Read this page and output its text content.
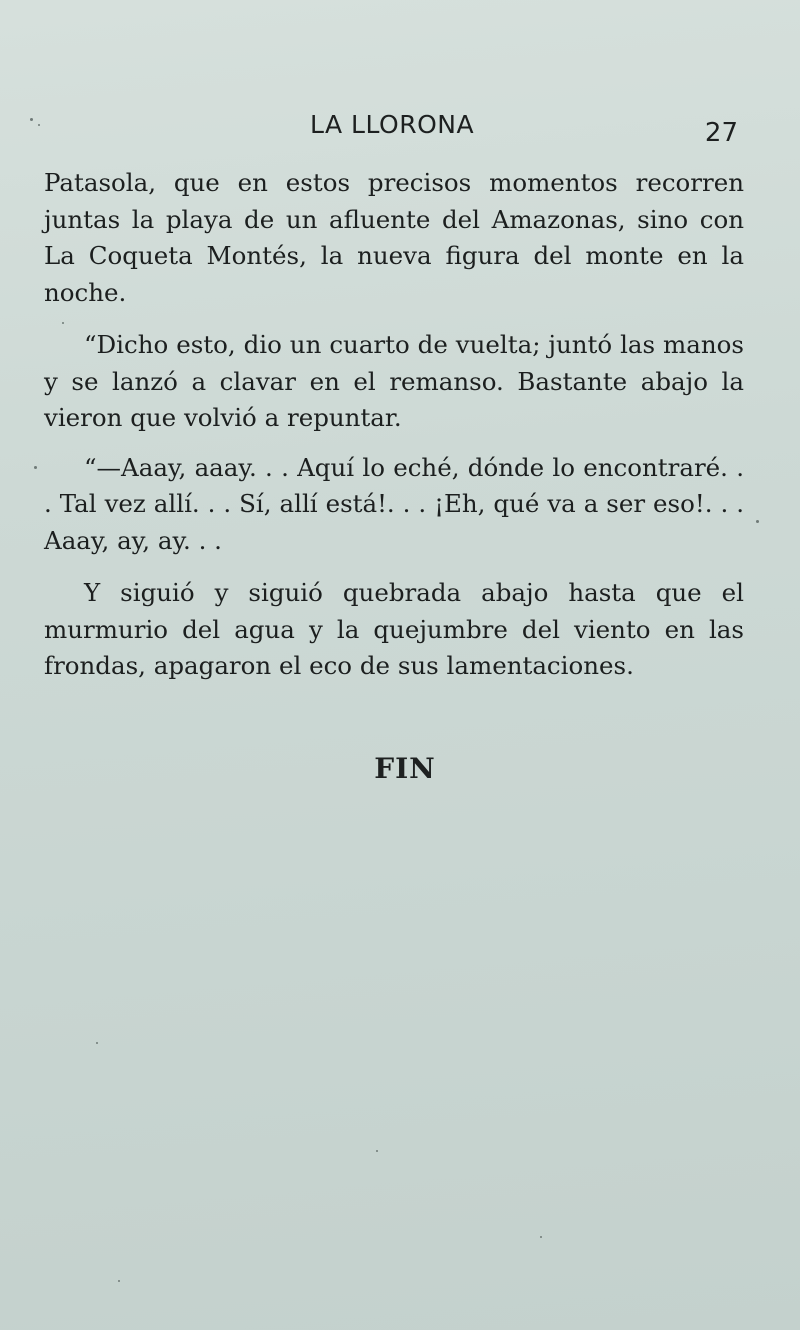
LA LLORONA	27

Patasola, que en estos precisos momentos recorren juntas la playa de un afluente del Amazonas, sino con La Coqueta Montés, la nueva figura del monte en la noche.

“Dicho esto, dio un cuarto de vuelta; juntó las manos y se lanzó a clavar en el remanso. Bastante abajo la vieron que volvió a repuntar.

“—Aaay, aaay. . . Aquí lo eché, dónde lo encontraré. . . Tal vez allí. . . Sí, allí está!. . . ¡Eh, qué va a ser eso!. . . Aaay, ay, ay. . .

Y siguió y siguió quebrada abajo hasta que el murmurio del agua y la quejumbre del viento en las frondas, apagaron el eco de sus lamentaciones.

FIN
